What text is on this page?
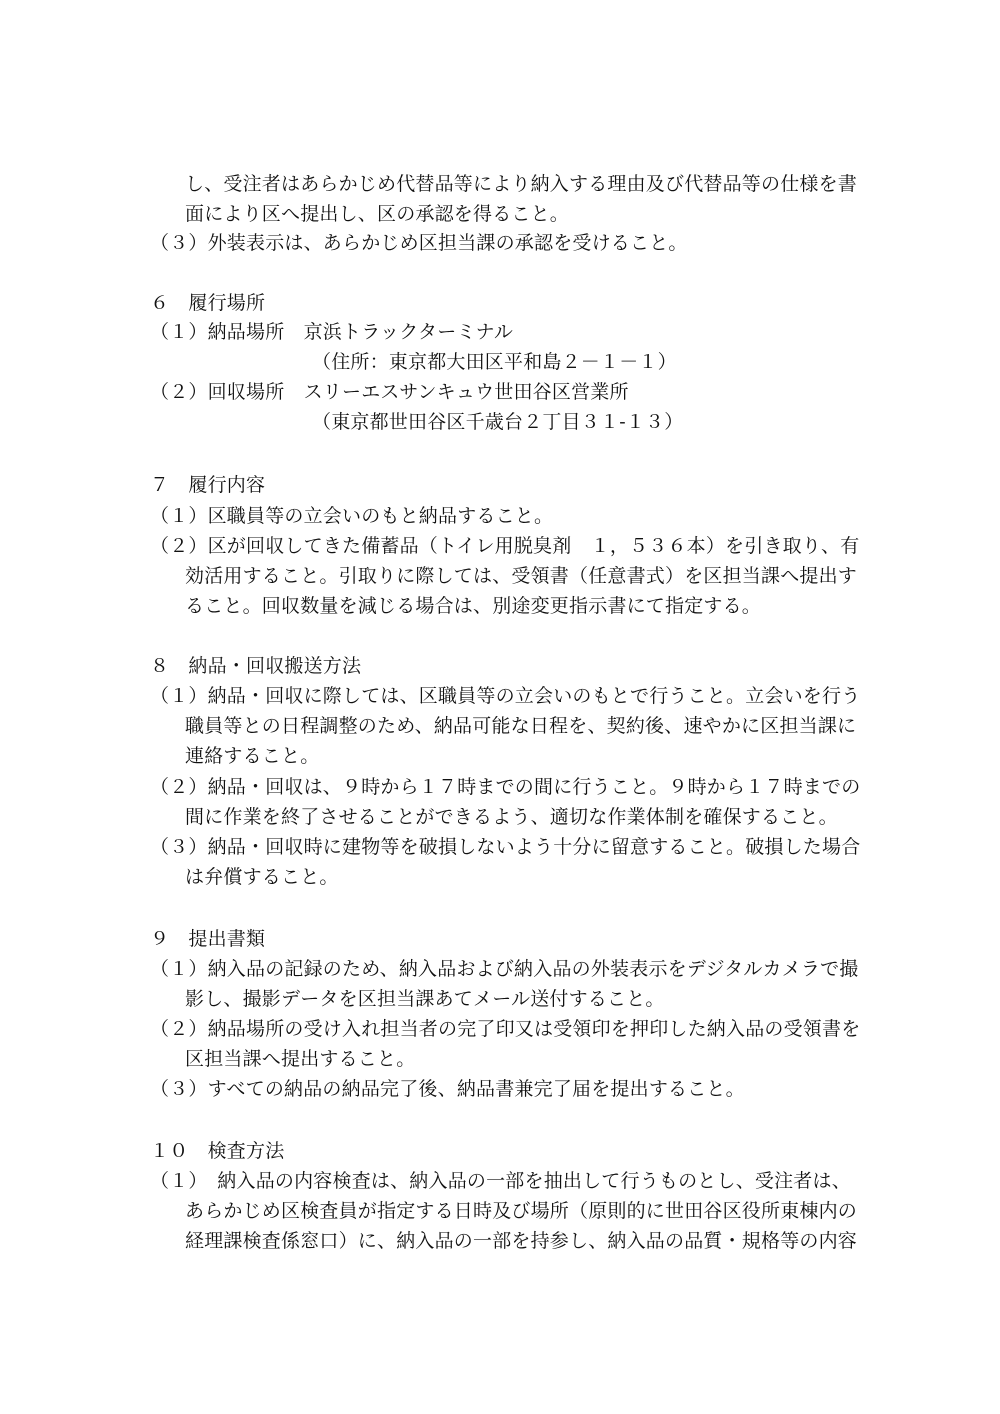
し、受注者はあらかじめ代替品等により納入する理由及び代替品等の仕様を書
面により区へ提出し、区の承認を得ること。
（３）外装表示は、あらかじめ区担当課の承認を受けること。
６　履行場所
（１）納品場所　京浜トラックターミナル
（住所：東京都大田区平和島２－１－１）
（２）回収場所　スリーエスサンキュウ世田谷区営業所
（東京都世田谷区千歳台２丁目３１-１３）
７　履行内容
（１）区職員等の立会いのもと納品すること。
（２）区が回収してきた備蓄品（トイレ用脱臭剤　１，５３６本）を引き取り、有
効活用すること。引取りに際しては、受領書（任意書式）を区担当課へ提出す
ること。回収数量を減じる場合は、別途変更指示書にて指定する。
８　納品・回収搬送方法
（１）納品・回収に際しては、区職員等の立会いのもとで行うこと。立会いを行う
職員等との日程調整のため、納品可能な日程を、契約後、速やかに区担当課に
連絡すること。
（２）納品・回収は、９時から１７時までの間に行うこと。９時から１７時までの
間に作業を終了させることができるよう、適切な作業体制を確保すること。
（３）納品・回収時に建物等を破損しないよう十分に留意すること。破損した場合
は弁償すること。
９　提出書類
（１）納入品の記録のため、納入品および納入品の外装表示をデジタルカメラで撮
影し、撮影データを区担当課あてメール送付すること。
（２）納品場所の受け入れ担当者の完了印又は受領印を押印した納入品の受領書を
区担当課へ提出すること。
（３）すべての納品の納品完了後、納品書兼完了届を提出すること。
１０　検査方法
（１）　納入品の内容検査は、納入品の一部を抽出して行うものとし、受注者は、
あらかじめ区検査員が指定する日時及び場所（原則的に世田谷区役所東棟内の
経理課検査係窓口）に、納入品の一部を持参し、納入品の品質・規格等の内容
